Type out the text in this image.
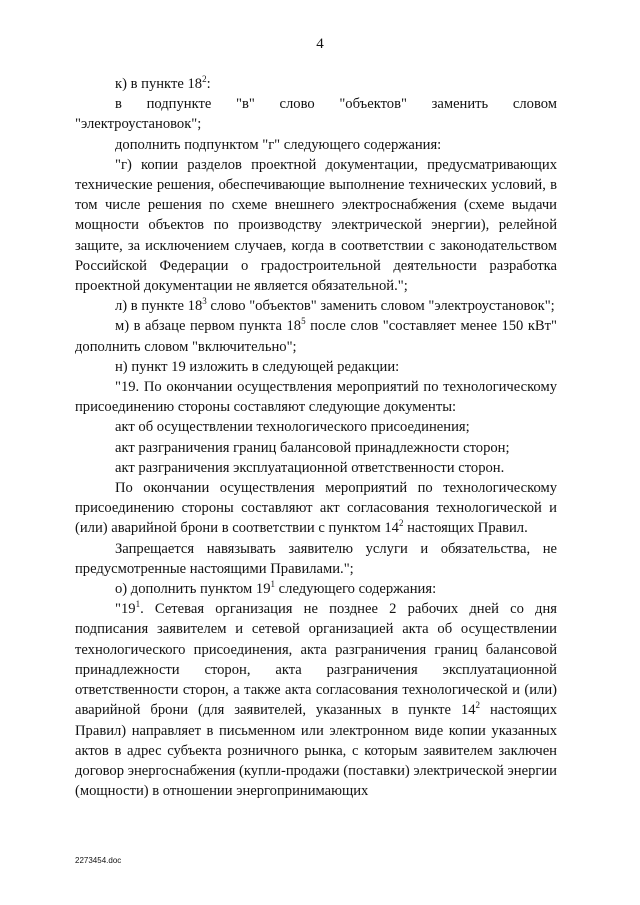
4

к) в пункте $18^2$:

в подпункте "в" слово "объектов" заменить словом "электроустановок";

дополнить подпунктом "г" следующего содержания:

"г) копии разделов проектной документации, предусматривающих технические решения, обеспечивающие выполнение технических условий, в том числе решения по схеме внешнего электроснабжения (схеме выдачи мощности объектов по производству электрической энергии), релейной защите, за исключением случаев, когда в соответствии с законодательством Российской Федерации о градостроительной деятельности разработка проектной документации не является обязательной.";

л) в пункте $18^3$ слово "объектов" заменить словом "электроустановок";

м) в абзаце первом пункта $18^5$ после слов "составляет менее 150 кВт" дополнить словом "включительно";

н) пункт 19 изложить в следующей редакции:

"19. По окончании осуществления мероприятий по технологическому присоединению стороны составляют следующие документы:

акт об осуществлении технологического присоединения;

акт разграничения границ балансовой принадлежности сторон;

акт разграничения эксплуатационной ответственности сторон.

По окончании осуществления мероприятий по технологическому присоединению стороны составляют акт согласования технологической и (или) аварийной брони в соответствии с пунктом $14^2$ настоящих Правил.

Запрещается навязывать заявителю услуги и обязательства, не предусмотренные настоящими Правилами.";

о) дополнить пунктом $19^1$ следующего содержания:

"$19^1$. Сетевая организация не позднее 2 рабочих дней со дня подписания заявителем и сетевой организацией акта об осуществлении технологического присоединения, акта разграничения границ балансовой принадлежности сторон, акта разграничения эксплуатационной ответственности сторон, а также акта согласования технологической и (или) аварийной брони (для заявителей, указанных в пункте $14^2$ настоящих Правил) направляет в письменном или электронном виде копии указанных актов в адрес субъекта розничного рынка, с которым заявителем заключен договор энергоснабжения (купли-продажи (поставки) электрической энергии (мощности) в отношении энергопринимающих

2273454.doc
